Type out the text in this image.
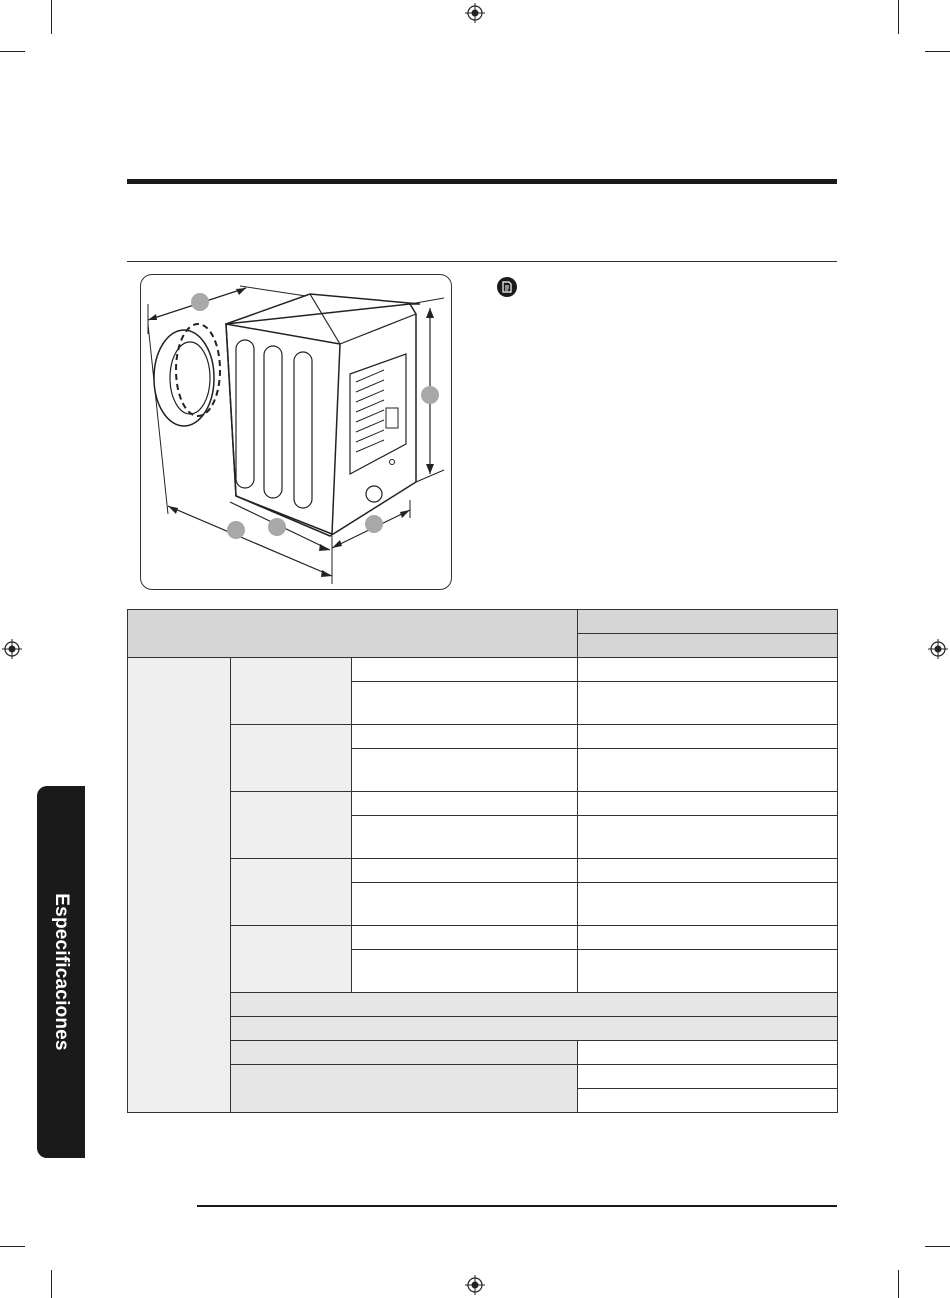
Especificaciones
